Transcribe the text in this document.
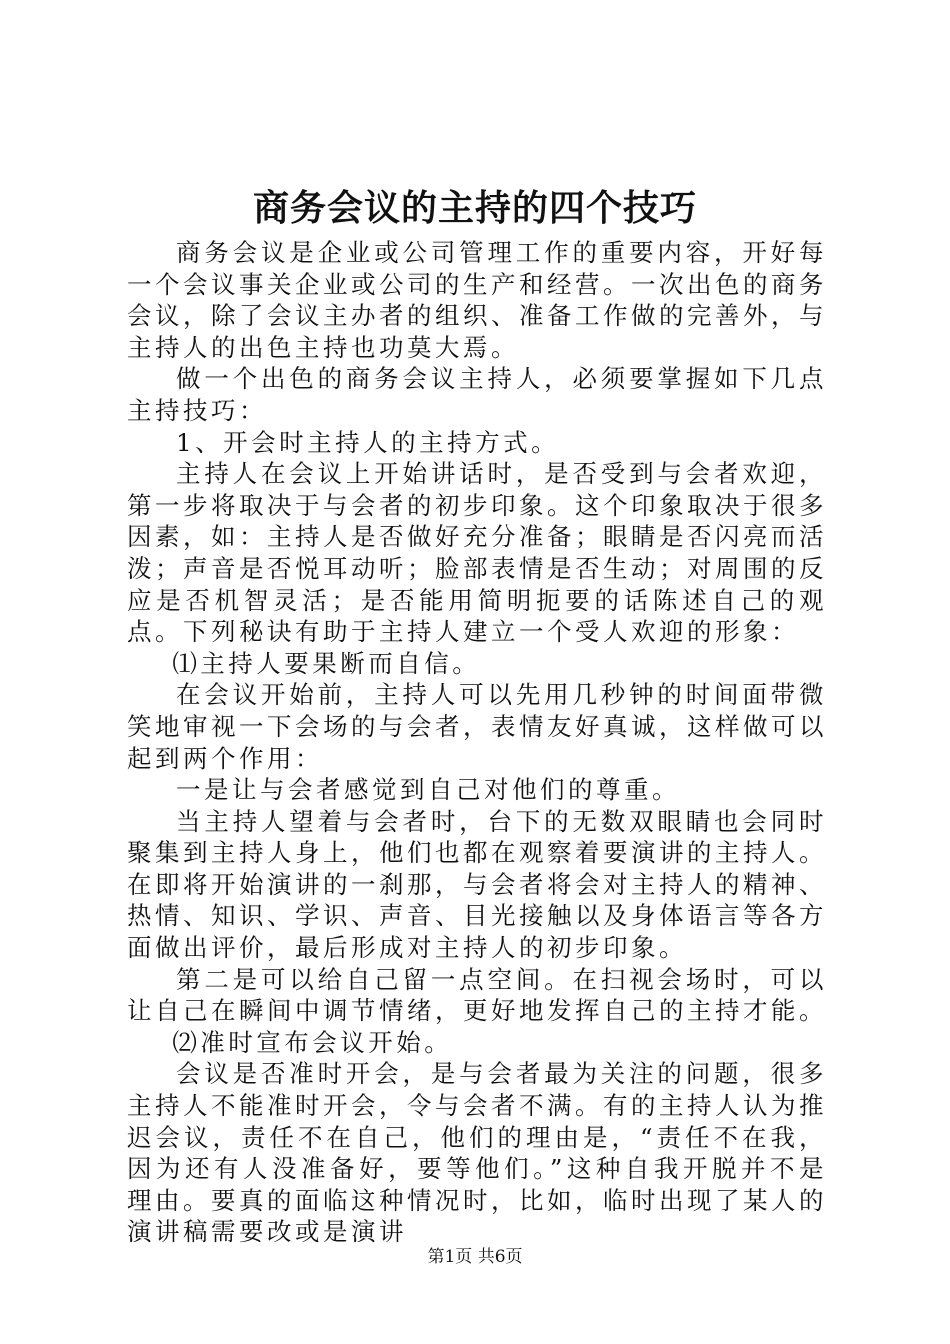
商务会议的主持的四个技巧

商务会议是企业或公司管理工作的重要内容，开好每一个会议事关企业或公司的生产和经营。一次出色的商务会议，除了会议主办者的组织、准备工作做的完善外，与主持人的出色主持也功莫大焉。

做一个出色的商务会议主持人，必须要掌握如下几点主持技巧：

1、开会时主持人的主持方式。

主持人在会议上开始讲话时，是否受到与会者欢迎，第一步将取决于与会者的初步印象。这个印象取决于很多因素，如：主持人是否做好充分准备；眼睛是否闪亮而活泼；声音是否悦耳动听；脸部表情是否生动；对周围的反应是否机智灵活；是否能用简明扼要的话陈述自己的观点。下列秘诀有助于主持人建立一个受人欢迎的形象：

⑴主持人要果断而自信。

在会议开始前，主持人可以先用几秒钟的时间面带微笑地审视一下会场的与会者，表情友好真诚，这样做可以起到两个作用：

一是让与会者感觉到自己对他们的尊重。

当主持人望着与会者时，台下的无数双眼睛也会同时聚集到主持人身上，他们也都在观察着要演讲的主持人。在即将开始演讲的一刹那，与会者将会对主持人的精神、热情、知识、学识、声音、目光接触以及身体语言等各方面做出评价，最后形成对主持人的初步印象。

第二是可以给自己留一点空间。在扫视会场时，可以让自己在瞬间中调节情绪，更好地发挥自己的主持才能。

⑵准时宣布会议开始。

会议是否准时开会，是与会者最为关注的问题，很多主持人不能准时开会，令与会者不满。有的主持人认为推迟会议，责任不在自己，他们的理由是，“责任不在我，因为还有人没准备好，要等他们。”这种自我开脱并不是理由。要真的面临这种情况时，比如，临时出现了某人的演讲稿需要改或是演讲

第1页 共6页
